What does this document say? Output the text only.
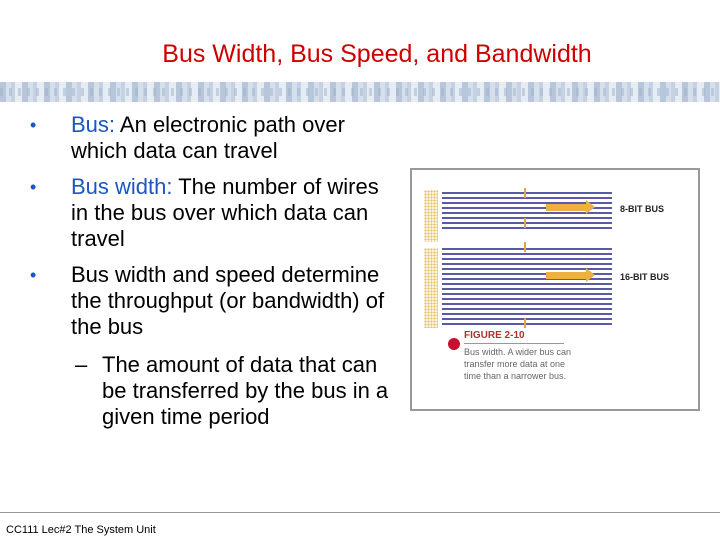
Bus Width, Bus Speed, and Bandwidth
• Bus: An electronic path over which data can travel
• Bus width: The number of wires in the bus over which data can travel
• Bus width and speed determine the throughput (or bandwidth) of the bus
– The amount of data that can be transferred by the bus in a given time period
8-BIT BUS
16-BIT BUS
FIGURE 2-10
Bus width. A wider bus can transfer more data at one time than a narrower bus.
CC111 Lec#2 The System Unit
